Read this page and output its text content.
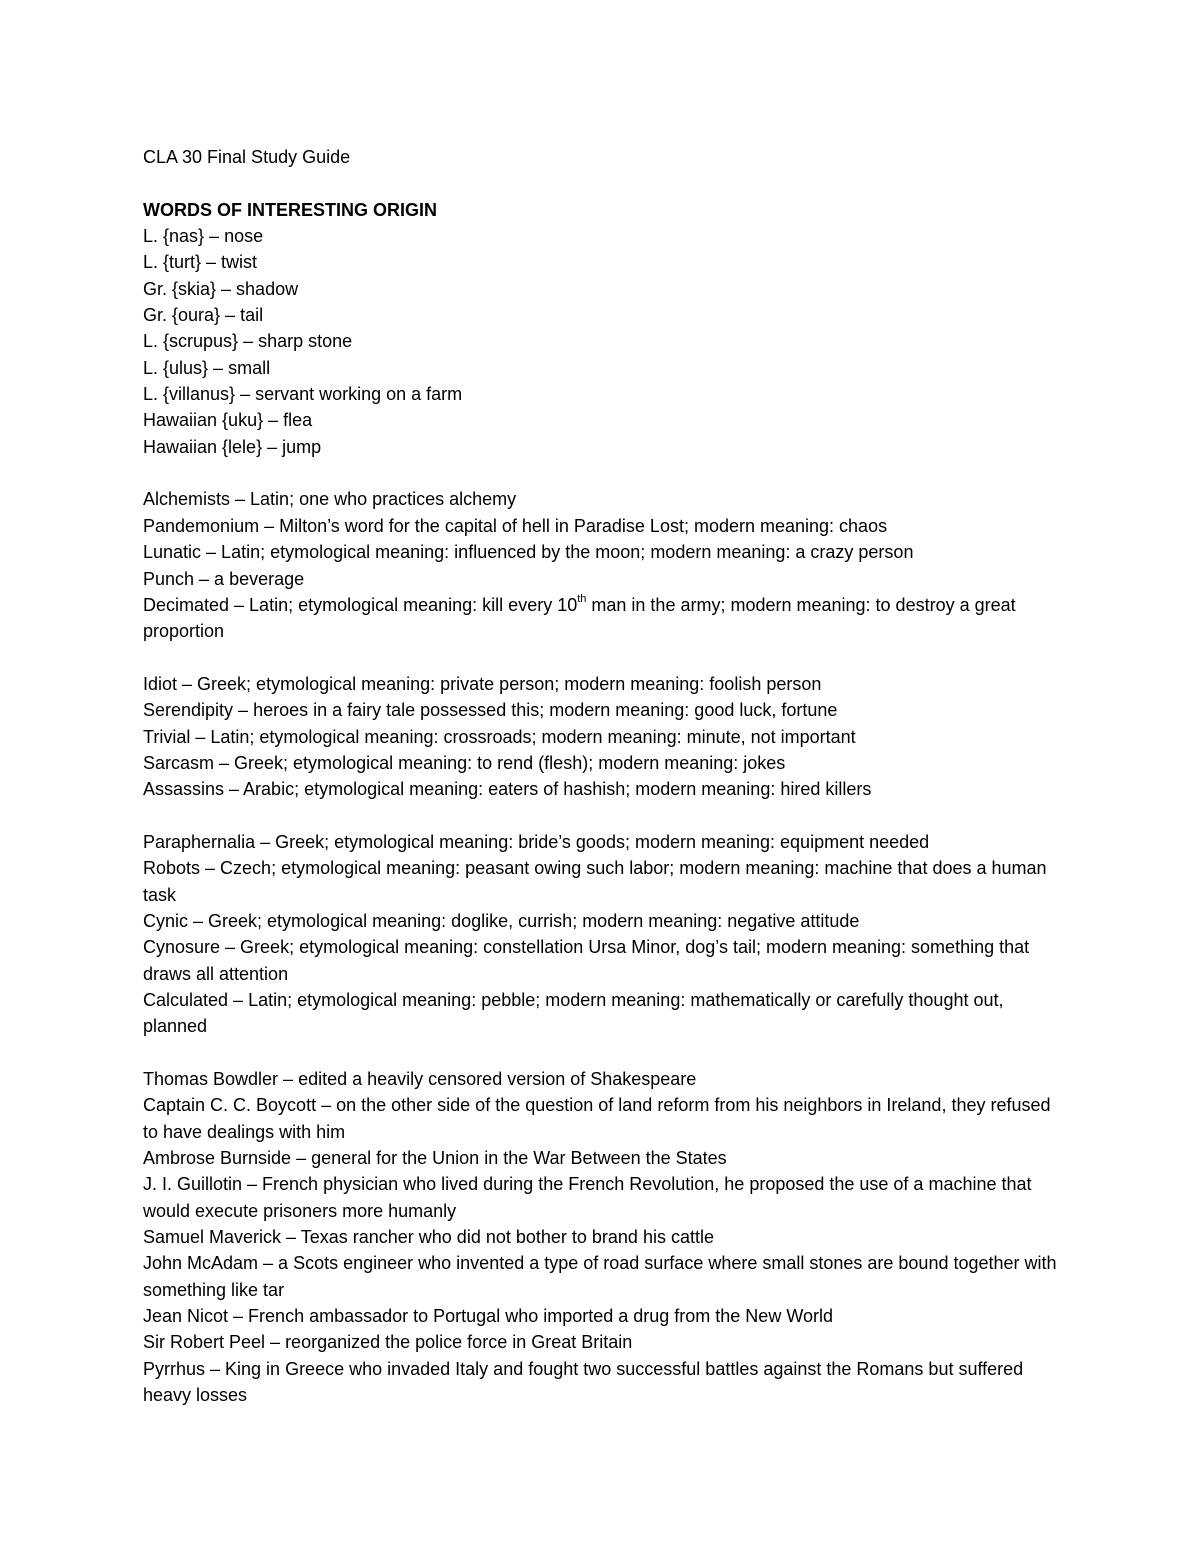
CLA 30 Final Study Guide
WORDS OF INTERESTING ORIGIN
L. {nas} – nose
L. {turt} – twist
Gr. {skia} – shadow
Gr. {oura} – tail
L. {scrupus} – sharp stone
L. {ulus} – small
L. {villanus} – servant working on a farm
Hawaiian {uku} – flea
Hawaiian {lele} – jump
Alchemists – Latin; one who practices alchemy
Pandemonium – Milton’s word for the capital of hell in Paradise Lost; modern meaning: chaos
Lunatic – Latin; etymological meaning: influenced by the moon; modern meaning: a crazy person
Punch – a beverage
Decimated – Latin; etymological meaning: kill every 10th man in the army; modern meaning: to destroy a great proportion
Idiot – Greek; etymological meaning: private person; modern meaning: foolish person
Serendipity – heroes in a fairy tale possessed this; modern meaning: good luck, fortune
Trivial – Latin; etymological meaning: crossroads; modern meaning: minute, not important
Sarcasm – Greek; etymological meaning: to rend (flesh); modern meaning: jokes
Assassins – Arabic; etymological meaning: eaters of hashish; modern meaning: hired killers
Paraphernalia – Greek; etymological meaning: bride’s goods; modern meaning: equipment needed
Robots – Czech; etymological meaning: peasant owing such labor; modern meaning: machine that does a human task
Cynic – Greek; etymological meaning: doglike, currish; modern meaning: negative attitude
Cynosure – Greek; etymological meaning: constellation Ursa Minor, dog’s tail; modern meaning: something that draws all attention
Calculated – Latin; etymological meaning: pebble; modern meaning: mathematically or carefully thought out, planned
Thomas Bowdler – edited a heavily censored version of Shakespeare
Captain C. C. Boycott – on the other side of the question of land reform from his neighbors in Ireland, they refused to have dealings with him
Ambrose Burnside – general for the Union in the War Between the States
J. I. Guillotin – French physician who lived during the French Revolution, he proposed the use of a machine that would execute prisoners more humanly
Samuel Maverick – Texas rancher who did not bother to brand his cattle
John McAdam – a Scots engineer who invented a type of road surface where small stones are bound together with something like tar
Jean Nicot – French ambassador to Portugal who imported a drug from the New World
Sir Robert Peel – reorganized the police force in Great Britain
Pyrrhus – King in Greece who invaded Italy and fought two successful battles against the Romans but suffered heavy losses
